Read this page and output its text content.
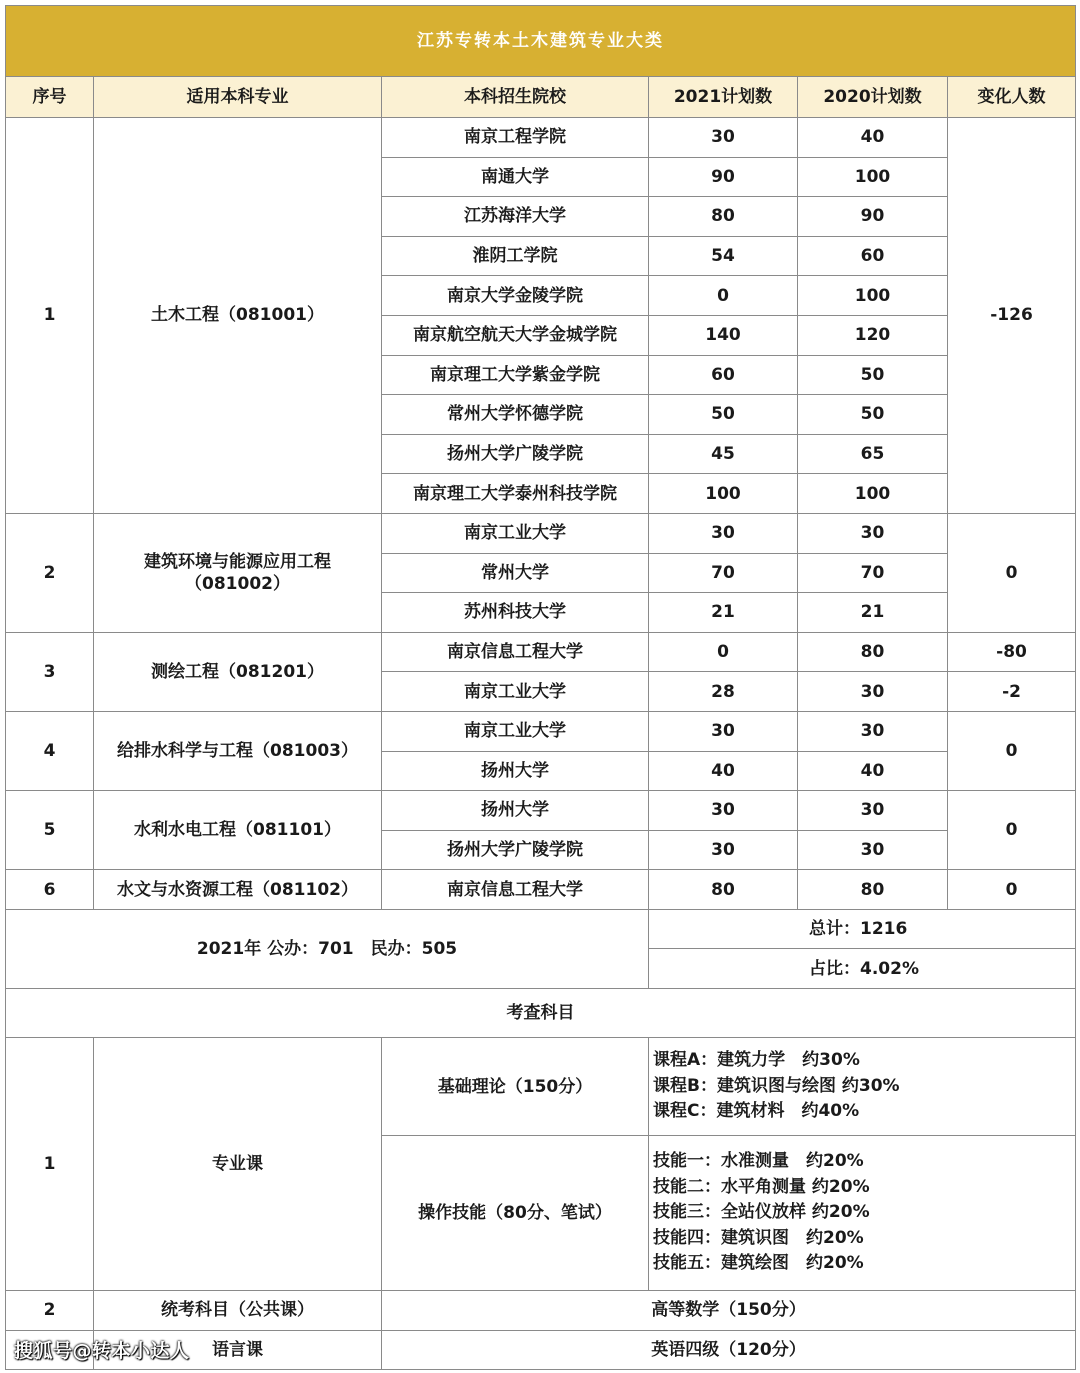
江苏专转本土木建筑专业大类					
序号	适用本科专业	本科招生院校	2021计划数	2020计划数	变化人数
1	土木工程（081001）	南京工程学院	30	40	-126
		南通大学	90	100	
		江苏海洋大学	80	90	
		淮阴工学院	54	60	
		南京大学金陵学院	0	100	
		南京航空航天大学金城学院	140	120	
		南京理工大学紫金学院	60	50	
		常州大学怀德学院	50	50	
		扬州大学广陵学院	45	65	
		南京理工大学泰州科技学院	100	100	
2	建筑环境与能源应用工程
（081002）	南京工业大学	30	30	0
		常州大学	70	70	
		苏州科技大学	21	21	
3	测绘工程（081201）	南京信息工程大学	0	80	-80
		南京工业大学	28	30	-2
4	给排水科学与工程（081003）	南京工业大学	30	30	0
		扬州大学	40	40	
5	水利水电工程（081101）	扬州大学	30	30	0
		扬州大学广陵学院	30	30	
6	水文与水资源工程（081102）	南京信息工程大学	80	80	0
2021年 公办：701　民办：505			总计：1216		
			占比：4.02%		
考查科目					
1	专业课	基础理论（150分）	课程A：建筑力学　约30%
课程B：建筑识图与绘图 约30%
课程C：建筑材料　约40%		

		操作技能（80分、笔试）	技能一：水准测量　约20%
技能二：水平角测量 约20%
技能三：全站仪放样 约20%
技能四：建筑识图　约20%
技能五：建筑绘图　约20%		

2	统考科目（公共课）	高等数学（150分）			
	语言课	英语四级（120分）			
搜狐号@转本小达人
